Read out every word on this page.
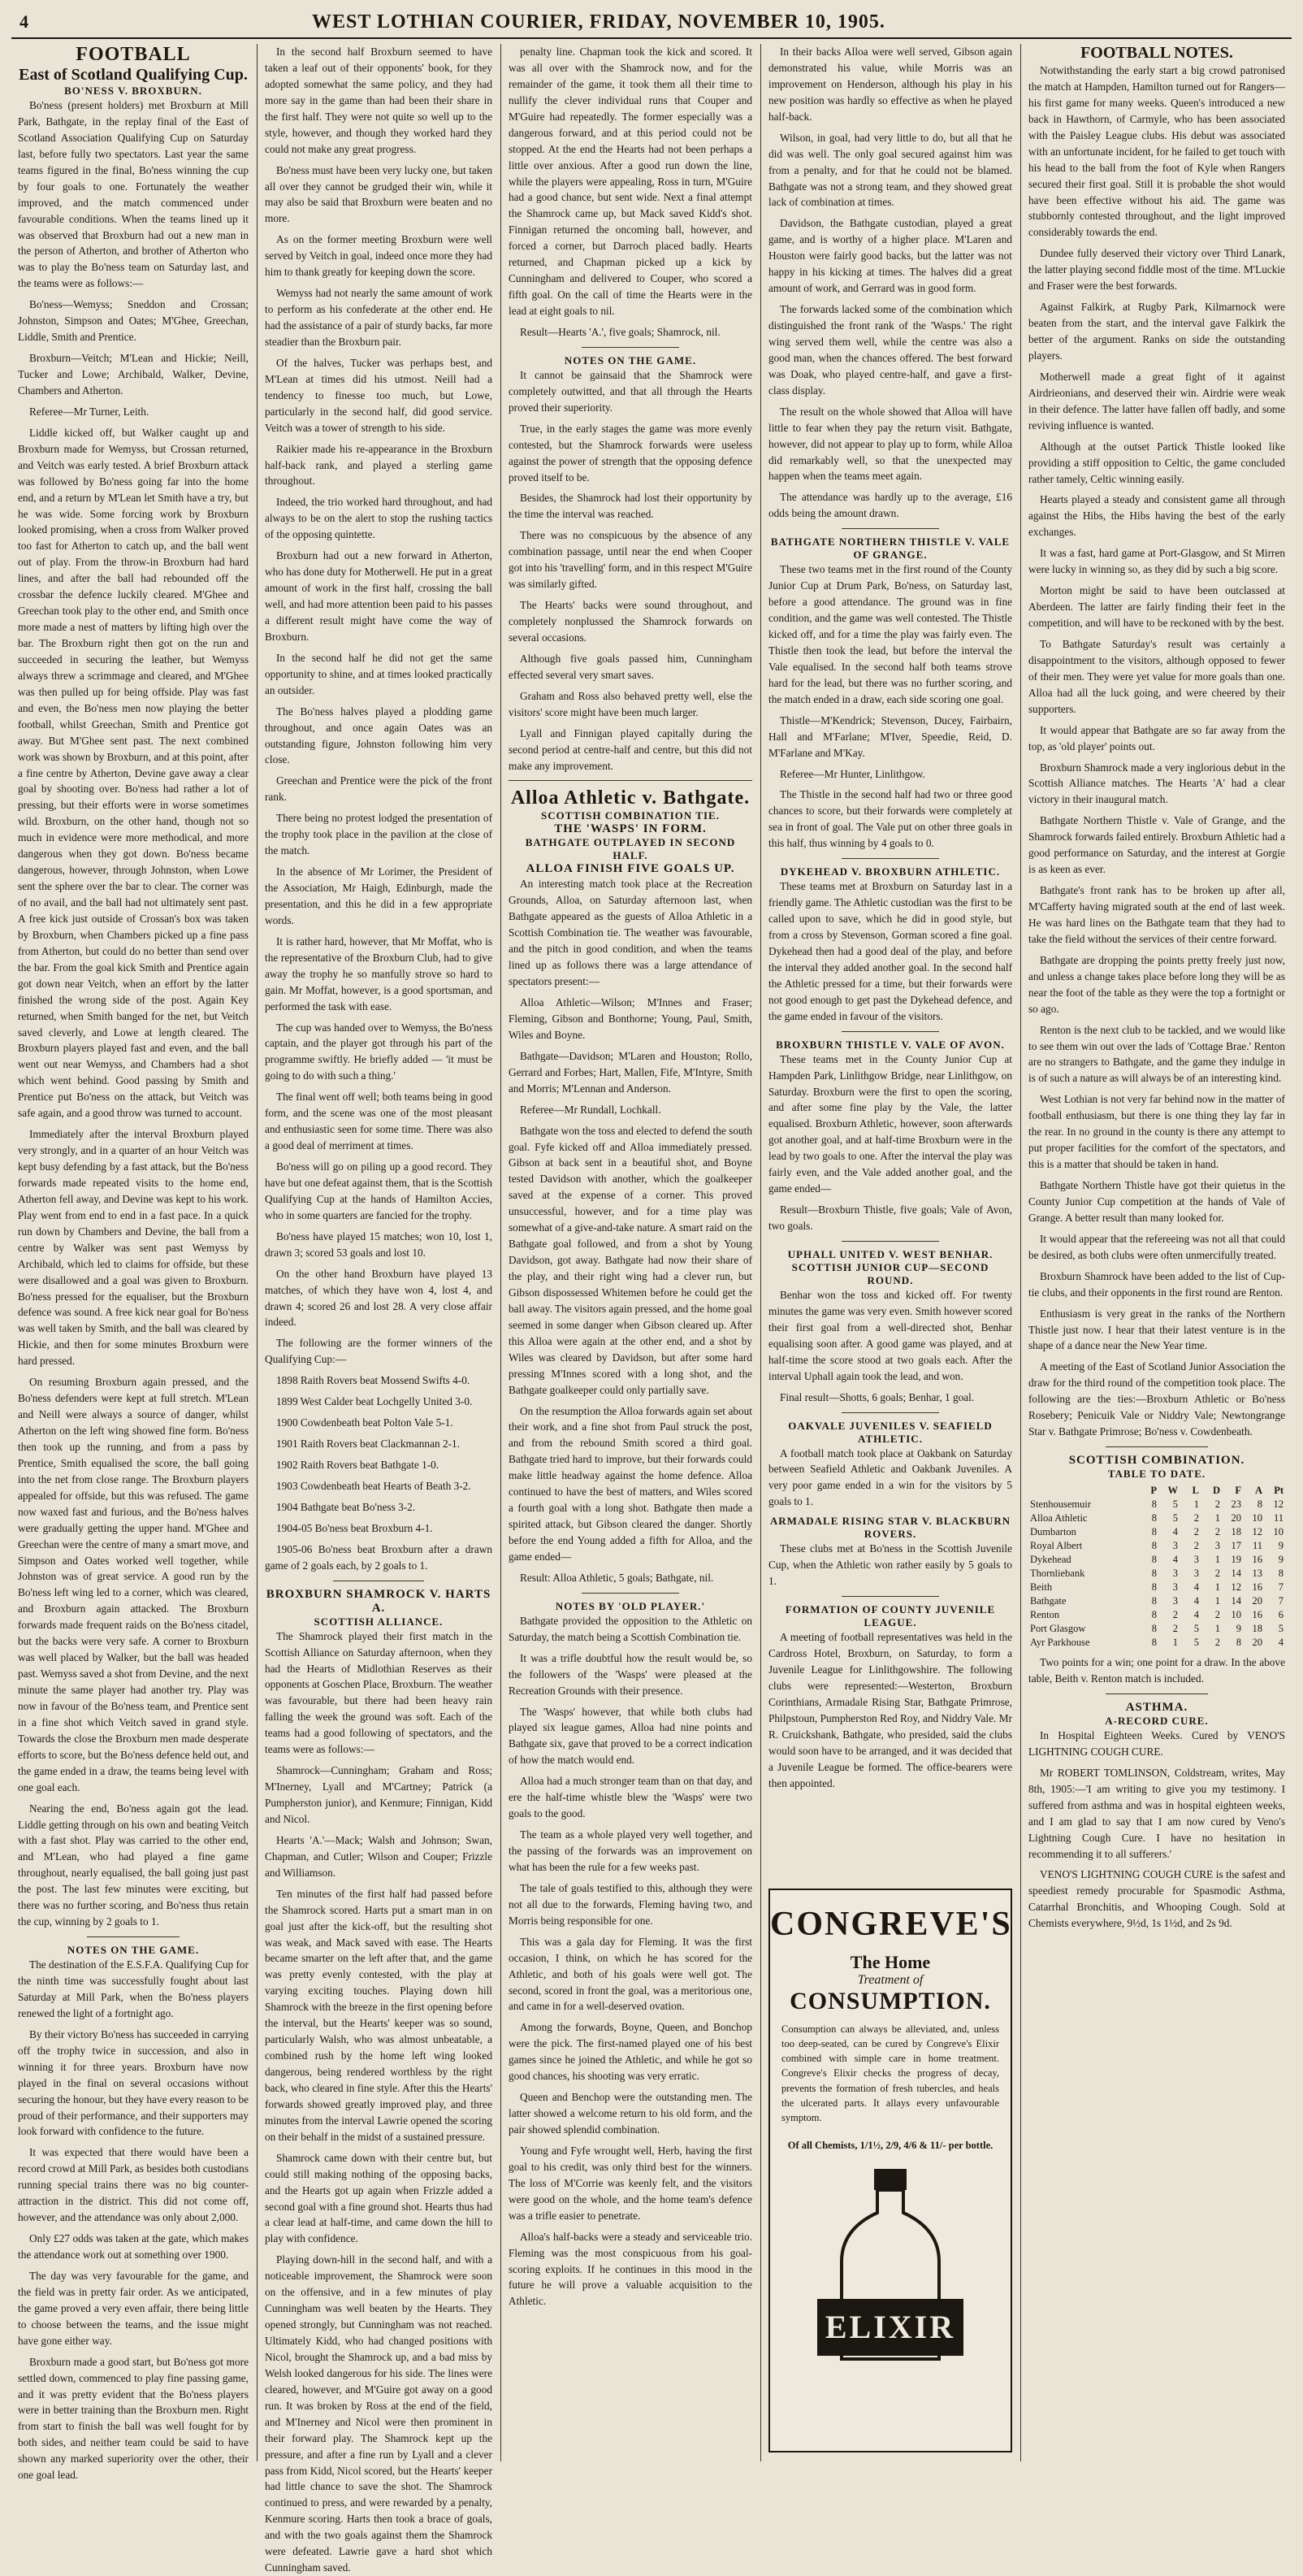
4	WEST LOTHIAN COURIER, FRIDAY, NOVEMBER 10, 1905.
FOOTBALL
East of Scotland Qualifying Cup.
BO'NESS V. BROXBURN.

Bo'ness (present holders) met Broxburn at Mill Park, Bathgate, in the replay final of the East of Scotland Association Qualifying Cup on Saturday last, before fully two spectators. Last year the same teams figured in the final, Bo'ness winning the cup by four goals to one. Fortunately the weather improved, and the match commenced under favourable conditions. When the teams lined up it was observed that Broxburn had out a new man in the person of Atherton, and brother of Atherton who was to play the Bo'ness team on Saturday last, and the teams were as follows:—

Bo'ness—Wemyss; Sneddon and Crossan; Johnston, Simpson and Oates; M'Ghee, Greechan, Liddle, Smith and Prentice.

Broxburn—Veitch; M'Lean and Hickie; Neill, Tucker and Lowe; Archibald, Walker, Devine, Chambers and Atherton.

Referee—Mr Turner, Leith.

Liddle kicked off, but Walker caught up and Broxburn made for Wemyss, but Crossan returned, and Veitch was early tested. A brief Broxburn attack was followed by Bo'ness going far into the home end, and a return by M'Lean let Smith have a try, but he was wide. Some forcing work by Broxburn looked promising, when a cross from Walker proved too fast for Atherton to catch up, and the ball went out of play. From the throw-in Broxburn had hard lines, and after the ball had rebounded off the crossbar the defence luckily cleared. M'Ghee and Greechan took play to the other end, and Smith once more made a nest of matters by lifting high over the bar. The Broxburn right then got on the run and succeeded in securing the leather, but Wemyss always threw a scrimmage and cleared, and M'Ghee was then pulled up for being offside. Play was fast and even, the Bo'ness men now playing the better football, whilst Greechan, Smith and Prentice got away. But M'Ghee sent past. The next combined work was shown by Broxburn, and at this point, after a fine centre by Atherton, Devine gave away a clear goal by shooting over. Bo'ness had rather a lot of pressing, but their efforts were in worse sometimes wild. Broxburn, on the other hand, though not so much in evidence were more methodical, and more dangerous when they got down. Bo'ness became dangerous, however, through Johnston, when Lowe sent the sphere over the bar to clear. The corner was of no avail, and the ball had not ultimately sent past. A free kick just outside of Crossan's box was taken by Broxburn, when Chambers picked up a fine pass from Atherton, but could do no better than send over the bar. From the goal kick Smith and Prentice again got down near Veitch, when an effort by the latter finished the wrong side of the post. Again Key returned, when Smith banged for the net, but Veitch saved cleverly, and Lowe at length cleared. The Broxburn players played fast and even, and the ball went out near Wemyss, and Chambers had a shot which went behind. Good passing by Smith and Prentice put Bo'ness on the attack, but Veitch was safe again, and a good throw was turned to account.

Immediately after the interval Broxburn played very strongly, and in a quarter of an hour Veitch was kept busy defending by a fast attack, but the Bo'ness forwards made repeated visits to the home end, Atherton fell away, and Devine was kept to his work. Play went from end to end in a fast pace. In a quick run down by Chambers and Devine, the ball from a centre by Walker was sent past Wemyss by Archibald, which led to claims for offside, but these were disallowed and a goal was given to Broxburn. Bo'ness pressed for the equaliser, but the Broxburn defence was sound. A free kick near goal for Bo'ness was well taken by Smith, and the ball was cleared by Hickie, and then for some minutes Broxburn were hard pressed.

On resuming Broxburn again pressed, and the Bo'ness defenders were kept at full stretch. M'Lean and Neill were always a source of danger, whilst Atherton on the left wing showed fine form. Bo'ness then took up the running, and from a pass by Prentice, Smith equalised the score, the ball going into the net from close range. The Broxburn players appealed for offside, but this was refused. The game now waxed fast and furious, and the Bo'ness halves were gradually getting the upper hand. M'Ghee and Greechan were the centre of many a smart move, and Simpson and Oates worked well together, while Johnston was of great service. A good run by the Bo'ness left wing led to a corner, which was cleared, and Broxburn again attacked. The Broxburn forwards made frequent raids on the Bo'ness citadel, but the backs were very safe. A corner to Broxburn was well placed by Walker, but the ball was headed past. Wemyss saved a shot from Devine, and the next minute the same player had another try. Play was now in favour of the Bo'ness team, and Prentice sent in a fine shot which Veitch saved in grand style. Towards the close the Broxburn men made desperate efforts to score, but the Bo'ness defence held out, and the game ended in a draw, the teams being level with one goal each.

Nearing the end, Bo'ness again got the lead. Liddle getting through on his own and beating Veitch with a fast shot. Play was carried to the other end, and M'Lean, who had played a fine game throughout, nearly equalised, the ball going just past the post. The last few minutes were exciting, but there was no further scoring, and Bo'ness thus retain the cup, winning by 2 goals to 1.

NOTES ON THE GAME.

The destination of the E.S.F.A. Qualifying Cup for the ninth time was successfully fought about last Saturday at Mill Park, when the Bo'ness players renewed the light of a fortnight ago.

By their victory Bo'ness has succeeded in carrying off the trophy twice in succession, and also in winning it for three years. Broxburn have now played in the final on several occasions without securing the honour, but they have every reason to be proud of their performance, and their supporters may look forward with confidence to the future.

It was expected that there would have been a record crowd at Mill Park, as besides both custodians running special trains there was no big counter-attraction in the district. This did not come off, however, and the attendance was only about 2,000.

Only £27 odds was taken at the gate, which makes the attendance work out at something over 1900.

The day was very favourable for the game, and the field was in pretty fair order. As we anticipated, the game proved a very even affair, there being little to choose between the teams, and the issue might have gone either way.

Broxburn made a good start, but Bo'ness got more settled down, commenced to play fine passing game, and it was pretty evident that the Bo'ness players were in better training than the Broxburn men. Right from start to finish the ball was well fought for by both sides, and neither team could be said to have shown any marked superiority over the other, their one goal lead.

In the second half Broxburn seemed to have taken a leaf out of their opponents' book, for they adopted somewhat the same policy, and they had more say in the game than had been their share in the first half. They were not quite so well up to the style, however, and though they worked hard they could not make any great progress.

Bo'ness must have been very lucky one, but taken all over they cannot be grudged their win, while it may also be said that Broxburn were beaten and no more.

As on the former meeting Broxburn were well served by Veitch in goal, indeed once more they had him to thank greatly for keeping down the score.

Wemyss had not nearly the same amount of work to perform as his confederate at the other end. He had the assistance of a pair of sturdy backs, far more steadier than the Broxburn pair.

Of the halves, Tucker was perhaps best, and M'Lean at times did his utmost. Neill had a tendency to finesse too much, but Lowe, particularly in the second half, did good service. Veitch was a tower of strength to his side.

Raikier made his re-appearance in the Broxburn half-back rank, and played a sterling game throughout.

Indeed, the trio worked hard throughout, and had always to be on the alert to stop the rushing tactics of the opposing quintette.

Broxburn had out a new forward in Atherton, who has done duty for Motherwell. He put in a great amount of work in the first half, crossing the ball well, and had more attention been paid to his passes a different result might have come the way of Broxburn.

In the second half he did not get the same opportunity to shine, and at times looked practically an outsider.

The Bo'ness halves played a plodding game throughout, and once again Oates was an outstanding figure, Johnston following him very close.

Greechan and Prentice were the pick of the front rank.

There being no protest lodged the presentation of the trophy took place in the pavilion at the close of the match.

In the absence of Mr Lorimer, the President of the Association, Mr Haigh, Edinburgh, made the presentation, and this he did in a few appropriate words.

It is rather hard, however, that Mr Moffat, who is the representative of the Broxburn Club, had to give away the trophy he so manfully strove so hard to gain. Mr Moffat, however, is a good sportsman, and performed the task with ease.

The cup was handed over to Wemyss, the Bo'ness captain, and the player got through his part of the programme swiftly. He briefly added — 'it must be going to do with such a thing.'

The final went off well; both teams being in good form, and the scene was one of the most pleasant and enthusiastic seen for some time. There was also a good deal of merriment at times.

Bo'ness will go on piling up a good record. They have but one defeat against them, that is the Scottish Qualifying Cup at the hands of Hamilton Accies, who in some quarters are fancied for the trophy.

Bo'ness have played 15 matches; won 10, lost 1, drawn 3; scored 53 goals and lost 10.

On the other hand Broxburn have played 13 matches, of which they have won 4, lost 4, and drawn 4; scored 26 and lost 28. A very close affair indeed.

The following are the former winners of the Qualifying Cup:—

1898 Raith Rovers beat Mossend Swifts 4-0.

1899 West Calder beat Lochgelly United 3-0.

1900 Cowdenbeath beat Polton Vale 5-1.

1901 Raith Rovers beat Clackmannan 2-1.

1902 Raith Rovers beat Bathgate 1-0.

1903 Cowdenbeath beat Hearts of Beath 3-2.

1904 Bathgate beat Bo'ness 3-2.

1904-05 Bo'ness beat Broxburn 4-1.

1905-06 Bo'ness beat Broxburn after a drawn game of 2 goals each, by 2 goals to 1.

BROXBURN SHAMROCK V. HARTS A.
SCOTTISH ALLIANCE.

The Shamrock played their first match in the Scottish Alliance on Saturday afternoon, when they had the Hearts of Midlothian Reserves as their opponents at Goschen Place, Broxburn. The weather was favourable, but there had been heavy rain falling the week the ground was soft. Each of the teams had a good following of spectators, and the teams were as follows:—

Shamrock—Cunningham; Graham and Ross; M'Inerney, Lyall and M'Cartney; Patrick (a Pumpherston junior), and Kenmure; Finnigan, Kidd and Nicol.

Hearts 'A.'—Mack; Walsh and Johnson; Swan, Chapman, and Cutler; Wilson and Couper; Frizzle and Williamson.

Ten minutes of the first half had passed before the Shamrock scored. Harts put a smart man in on goal just after the kick-off, but the resulting shot was weak, and Mack saved with ease. The Hearts became smarter on the left after that, and the game was pretty evenly contested, with the play at varying exciting touches. Playing down hill Shamrock with the breeze in the first opening before the interval, but the Hearts' keeper was so sound, particularly Walsh, who was almost unbeatable, a combined rush by the home left wing looked dangerous, being rendered worthless by the right back, who cleared in fine style. After this the Hearts' forwards showed greatly improved play, and three minutes from the interval Lawrie opened the scoring on their behalf in the midst of a sustained pressure.

Shamrock came down with their centre but, but could still making nothing of the opposing backs, and the Hearts got up again when Frizzle added a second goal with a fine ground shot. Hearts thus had a clear lead at half-time, and came down the hill to play with confidence.

Playing down-hill in the second half, and with a noticeable improvement, the Shamrock were soon on the offensive, and in a few minutes of play Cunningham was well beaten by the Hearts. They opened strongly, but Cunningham was not reached. Ultimately Kidd, who had changed positions with Nicol, brought the Shamrock up, and a bad miss by Welsh looked dangerous for his side. The lines were cleared, however, and M'Guire got away on a good run. It was broken by Ross at the end of the field, and M'Inerney and Nicol were then prominent in their forward play. The Shamrock kept up the pressure, and after a fine run by Lyall and a clever pass from Kidd, Nicol scored, but the Hearts' keeper had little chance to save the shot. The Shamrock continued to press, and were rewarded by a penalty, Kenmure scoring. Harts then took a brace of goals, and with the two goals against them the Shamrock were defeated. Lawrie gave a hard shot which Cunningham saved.

penalty line. Chapman took the kick and scored. It was all over with the Shamrock now, and for the remainder of the game, it took them all their time to nullify the clever individual runs that Couper and M'Guire had repeatedly. The former especially was a dangerous forward, and at this period could not be stopped. At the end the Hearts had not been perhaps a little over anxious. After a good run down the line, while the players were appealing, Ross in turn, M'Guire had a good chance, but sent wide. Next a final attempt the Shamrock came up, but Mack saved Kidd's shot. Finnigan returned the oncoming ball, however, and forced a corner, but Darroch placed badly. Hearts returned, and Chapman picked up a kick by Cunningham and delivered to Couper, who scored a fifth goal. On the call of time the Hearts were in the lead at eight goals to nil.

Result—Hearts 'A.', five goals; Shamrock, nil.

NOTES ON THE GAME.

It cannot be gainsaid that the Shamrock were completely outwitted, and that all through the Hearts proved their superiority.

True, in the early stages the game was more evenly contested, but the Shamrock forwards were useless against the power of strength that the opposing defence proved itself to be.

Besides, the Shamrock had lost their opportunity by the time the interval was reached.

There was no conspicuous by the absence of any combination passage, until near the end when Cooper got into his 'travelling' form, and in this respect M'Guire was similarly gifted.

The Hearts' backs were sound throughout, and completely nonplussed the Shamrock forwards on several occasions.

Although five goals passed him, Cunningham effected several very smart saves.

Graham and Ross also behaved pretty well, else the visitors' score might have been much larger.

Lyall and Finnigan played capitally during the second period at centre-half and centre, but this did not make any improvement.

Alloa Athletic v. Bathgate.
SCOTTISH COMBINATION TIE.
THE 'WASPS' IN FORM.
BATHGATE OUTPLAYED IN SECOND HALF.
ALLOA FINISH FIVE GOALS UP.

An interesting match took place at the Recreation Grounds, Alloa, on Saturday afternoon last, when Bathgate appeared as the guests of Alloa Athletic in a Scottish Combination tie. The weather was favourable, and the pitch in good condition, and when the teams lined up as follows there was a large attendance of spectators present:—

Alloa Athletic—Wilson; M'Innes and Fraser; Fleming, Gibson and Bonthorne; Young, Paul, Smith, Wiles and Boyne.

Bathgate—Davidson; M'Laren and Houston; Rollo, Gerrard and Forbes; Hart, Mallen, Fife, M'Intyre, Smith and Morris; M'Lennan and Anderson.

Referee—Mr Rundall, Lochkall.

Bathgate won the toss and elected to defend the south goal. Fyfe kicked off and Alloa immediately pressed. Gibson at back sent in a beautiful shot, and Boyne tested Davidson with another, which the goalkeeper saved at the expense of a corner. This proved unsuccessful, however, and for a time play was somewhat of a give-and-take nature. A smart raid on the Bathgate goal followed, and from a shot by Young Davidson, got away. Bathgate had now their share of the play, and their right wing had a clever run, but Gibson dispossessed Whitemen before he could get the ball away. The visitors again pressed, and the home goal seemed in some danger when Gibson cleared up. After this Alloa were again at the other end, and a shot by Wiles was cleared by Davidson, but after some hard pressing M'Innes scored with a long shot, and the Bathgate goalkeeper could only partially save.

On the resumption the Alloa forwards again set about their work, and a fine shot from Paul struck the post, and from the rebound Smith scored a third goal. Bathgate tried hard to improve, but their forwards could make little headway against the home defence. Alloa continued to have the best of matters, and Wiles scored a fourth goal with a long shot. Bathgate then made a spirited attack, but Gibson cleared the danger. Shortly before the end Young added a fifth for Alloa, and the game ended—

Result: Alloa Athletic, 5 goals; Bathgate, nil.

NOTES BY 'OLD PLAYER.'

Bathgate provided the opposition to the Athletic on Saturday, the match being a Scottish Combination tie.

It was a trifle doubtful how the result would be, so the followers of the 'Wasps' were pleased at the Recreation Grounds with their presence.

The 'Wasps' however, that while both clubs had played six league games, Alloa had nine points and Bathgate six, gave that proved to be a correct indication of how the match would end.

Alloa had a much stronger team than on that day, and ere the half-time whistle blew the 'Wasps' were two goals to the good.

The team as a whole played very well together, and the passing of the forwards was an improvement on what has been the rule for a few weeks past.

The tale of goals testified to this, although they were not all due to the forwards, Fleming having two, and Morris being responsible for one.

This was a gala day for Fleming. It was the first occasion, I think, on which he has scored for the Athletic, and both of his goals were well got. The second, scored in front the goal, was a meritorious one, and came in for a well-deserved ovation.

Among the forwards, Boyne, Queen, and Bonchop were the pick. The first-named played one of his best games since he joined the Athletic, and while he got so good chances, his shooting was very erratic.

Queen and Benchop were the outstanding men. The latter showed a welcome return to his old form, and the pair showed splendid combination.

Young and Fyfe wrought well, Herb, having the first goal to his credit, was only third best for the winners. The loss of M'Corrie was keenly felt, and the visitors were good on the whole, and the home team's defence was a trifle easier to penetrate.

Alloa's half-backs were a steady and serviceable trio. Fleming was the most conspicuous from his goal-scoring exploits. If he continues in this mood in the future he will prove a valuable acquisition to the Athletic.

In their backs Alloa were well served, Gibson again demonstrated his value, while Morris was an improvement on Henderson, although his play in his new position was hardly so effective as when he played half-back.

Wilson, in goal, had very little to do, but all that he did was well. The only goal secured against him was from a penalty, and for that he could not be blamed. Bathgate was not a strong team, and they showed great lack of combination at times.

Davidson, the Bathgate custodian, played a great game, and is worthy of a higher place. M'Laren and Houston were fairly good backs, but the latter was not happy in his kicking at times. The halves did a great amount of work, and Gerrard was in good form.

The forwards lacked some of the combination which distinguished the front rank of the 'Wasps.' The right wing served them well, while the centre was also a good man, when the chances offered. The best forward was Doak, who played centre-half, and gave a first-class display.

The result on the whole showed that Alloa will have little to fear when they pay the return visit. Bathgate, however, did not appear to play up to form, while Alloa did remarkably well, so that the unexpected may happen when the teams meet again.

The attendance was hardly up to the average, £16 odds being the amount drawn.

BATHGATE NORTHERN THISTLE V. VALE OF GRANGE.

These two teams met in the first round of the County Junior Cup at Drum Park, Bo'ness, on Saturday last, before a good attendance. The ground was in fine condition, and the game was well contested. The Thistle kicked off, and for a time the play was fairly even. The Thistle then took the lead, but before the interval the Vale equalised. In the second half both teams strove hard for the lead, but there was no further scoring, and the match ended in a draw, each side scoring one goal.

Thistle—M'Kendrick; Stevenson, Ducey, Fairbairn, Hall and M'Farlane; M'Iver, Speedie, Reid, D. M'Farlane and M'Kay.

Referee—Mr Hunter, Linlithgow.

The Thistle in the second half had two or three good chances to score, but their forwards were completely at sea in front of goal. The Vale put on other three goals in this half, thus winning by 4 goals to 0.

DYKEHEAD V. BROXBURN ATHLETIC.

These teams met at Broxburn on Saturday last in a friendly game. The Athletic custodian was the first to be called upon to save, which he did in good style, but from a cross by Stevenson, Gorman scored a fine goal. Dykehead then had a good deal of the play, and before the interval they added another goal. In the second half the Athletic pressed for a time, but their forwards were not good enough to get past the Dykehead defence, and the game ended in favour of the visitors.

BROXBURN THISTLE V. VALE OF AVON.

These teams met in the County Junior Cup at Hampden Park, Linlithgow Bridge, near Linlithgow, on Saturday. Broxburn were the first to open the scoring, and after some fine play by the Vale, the latter equalised. Broxburn Athletic, however, soon afterwards got another goal, and at half-time Broxburn were in the lead by two goals to one. After the interval the play was fairly even, and the Vale added another goal, and the game ended—

Result—Broxburn Thistle, five goals; Vale of Avon, two goals.

UPHALL UNITED V. WEST BENHAR.
SCOTTISH JUNIOR CUP—SECOND ROUND.

Benhar won the toss and kicked off. For twenty minutes the game was very even. Smith however scored their first goal from a well-directed shot, Benhar equalising soon after. A good game was played, and at half-time the score stood at two goals each. After the interval Uphall again took the lead, and won.

Final result—Shotts, 6 goals; Benhar, 1 goal.

OAKVALE JUVENILES V. SEAFIELD ATHLETIC.

A football match took place at Oakbank on Saturday between Seafield Athletic and Oakbank Juveniles. A very poor game ended in a win for the visitors by 5 goals to 1.

ARMADALE RISING STAR V. BLACKBURN ROVERS.

These clubs met at Bo'ness in the Scottish Juvenile Cup, when the Athletic won rather easily by 5 goals to 1.

FORMATION OF COUNTY JUVENILE LEAGUE.

A meeting of football representatives was held in the Cardross Hotel, Broxburn, on Saturday, to form a Juvenile League for Linlithgowshire. The following clubs were represented:—Westerton, Broxburn Corinthians, Armadale Rising Star, Bathgate Primrose, Philpstoun, Pumpherston Red Roy, and Niddry Vale. Mr R. Cruickshank, Bathgate, who presided, said the clubs would soon have to be arranged, and it was decided that a Juvenile League be formed. The office-bearers were then appointed.

CONGREVE'S
The Home
Treatment of
CONSUMPTION.
Consumption can always be alleviated, and, unless too deep-seated, can be cured by Congreve's Elixir combined with simple care in home treatment. Congreve's Elixir checks the progress of decay, prevents the formation of fresh tubercles, and heals the ulcerated parts. It allays every unfavourable symptom.
Of all Chemists, 1/1½, 2/9, 4/6 & 11/- per bottle.
ELIXIR
FOOTBALL NOTES.

Notwithstanding the early start a big crowd patronised the match at Hampden, Hamilton turned out for Rangers—his first game for many weeks. Queen's introduced a new back in Hawthorn, of Carmyle, who has been associated with the Paisley League clubs. His debut was associated with an unfortunate incident, for he failed to get touch with his head to the ball from the foot of Kyle when Rangers secured their first goal. Still it is probable the shot would have been effective without his aid. The game was stubbornly contested throughout, and the light improved considerably towards the end.

Dundee fully deserved their victory over Third Lanark, the latter playing second fiddle most of the time. M'Luckie and Fraser were the best forwards.

Against Falkirk, at Rugby Park, Kilmarnock were beaten from the start, and the interval gave Falkirk the better of the argument. Ranks on side the outstanding players.

Motherwell made a great fight of it against Airdrieonians, and deserved their win. Airdrie were weak in their defence. The latter have fallen off badly, and some reviving influence is wanted.

Although at the outset Partick Thistle looked like providing a stiff opposition to Celtic, the game concluded rather tamely, Celtic winning easily.

Hearts played a steady and consistent game all through against the Hibs, the Hibs having the best of the early exchanges.

It was a fast, hard game at Port-Glasgow, and St Mirren were lucky in winning so, as they did by such a big score.

Morton might be said to have been outclassed at Aberdeen. The latter are fairly finding their feet in the competition, and will have to be reckoned with by the best.

To Bathgate Saturday's result was certainly a disappointment to the visitors, although opposed to fewer of their men. They were yet value for more goals than one. Alloa had all the luck going, and were cheered by their supporters.

It would appear that Bathgate are so far away from the top, as 'old player' points out.

Broxburn Shamrock made a very inglorious debut in the Scottish Alliance matches. The Hearts 'A' had a clear victory in their inaugural match.

Bathgate Northern Thistle v. Vale of Grange, and the Shamrock forwards failed entirely. Broxburn Athletic had a good performance on Saturday, and the interest at Gorgie is as keen as ever.

Bathgate's front rank has to be broken up after all, M'Cafferty having migrated south at the end of last week. He was hard lines on the Bathgate team that they had to take the field without the services of their centre forward.

Bathgate are dropping the points pretty freely just now, and unless a change takes place before long they will be as near the foot of the table as they were the top a fortnight or so ago.

Renton is the next club to be tackled, and we would like to see them win out over the lads of 'Cottage Brae.' Renton are no strangers to Bathgate, and the game they indulge in is of such a nature as will always be of an interesting kind.

West Lothian is not very far behind now in the matter of football enthusiasm, but there is one thing they lay far in the rear. In no ground in the county is there any attempt to put proper facilities for the comfort of the spectators, and this is a matter that should be taken in hand.

Bathgate Northern Thistle have got their quietus in the County Junior Cup competition at the hands of Vale of Grange. A better result than many looked for.

It would appear that the refereeing was not all that could be desired, as both clubs were often unmercifully treated.

Broxburn Shamrock have been added to the list of Cup-tie clubs, and their opponents in the first round are Renton.

Enthusiasm is very great in the ranks of the Northern Thistle just now. I hear that their latest venture is in the shape of a dance near the New Year time.

A meeting of the East of Scotland Junior Association the draw for the third round of the competition took place. The following are the ties:—Broxburn Athletic or Bo'ness Rosebery; Penicuik Vale or Niddry Vale; Newtongrange Star v. Bathgate Primrose; Bo'ness v. Cowdenbeath.

SCOTTISH COMBINATION.
TABLE TO DATE.
	P	W	L	D	F	A	Pt
Stenhousemuir	8	5	1	2	23	8	12
Alloa Athletic	8	5	2	1	20	10	11
Dumbarton	8	4	2	2	18	12	10
Royal Albert	8	3	2	3	17	11	9
Dykehead	8	4	3	1	19	16	9
Thornliebank	8	3	3	2	14	13	8
Beith	8	3	4	1	12	16	7
Bathgate	8	3	4	1	14	20	7
Renton	8	2	4	2	10	16	6
Port Glasgow	8	2	5	1	9	18	5
Ayr Parkhouse	8	1	5	2	8	20	4

Two points for a win; one point for a draw. In the above table, Beith v. Renton match is included.

ASTHMA.
A-RECORD CURE.

In Hospital Eighteen Weeks. Cured by VENO'S LIGHTNING COUGH CURE.

Mr ROBERT TOMLINSON, Coldstream, writes, May 8th, 1905:—'I am writing to give you my testimony. I suffered from asthma and was in hospital eighteen weeks, and I am glad to say that I am now cured by Veno's Lightning Cough Cure. I have no hesitation in recommending it to all sufferers.'

VENO'S LIGHTNING COUGH CURE is the safest and speediest remedy procurable for Spasmodic Asthma, Catarrhal Bronchitis, and Whooping Cough. Sold at Chemists everywhere, 9½d, 1s 1½d, and 2s 9d.
